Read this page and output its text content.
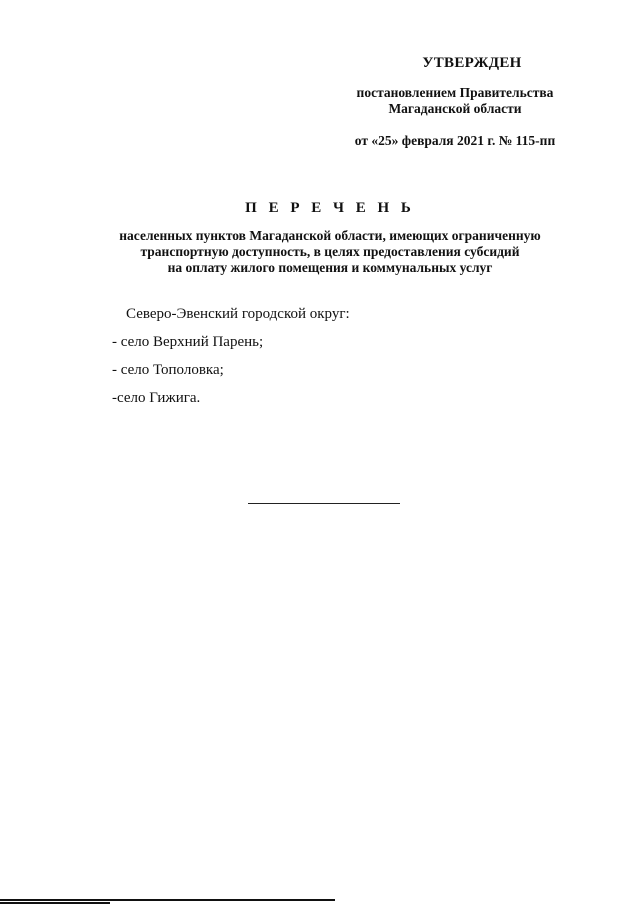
УТВЕРЖДЕН
постановлением Правительства
Магаданской области
от «25» февраля 2021 г. № 115-пп
П Е Р Е Ч Е Н Ь
населенных пунктов Магаданской области, имеющих ограниченную
транспортную доступность, в целях предоставления субсидий
на оплату жилого помещения и коммунальных услуг
Северо-Эвенский городской округ:
- село Верхний Парень;
- село Тополовка;
-село Гижига.
